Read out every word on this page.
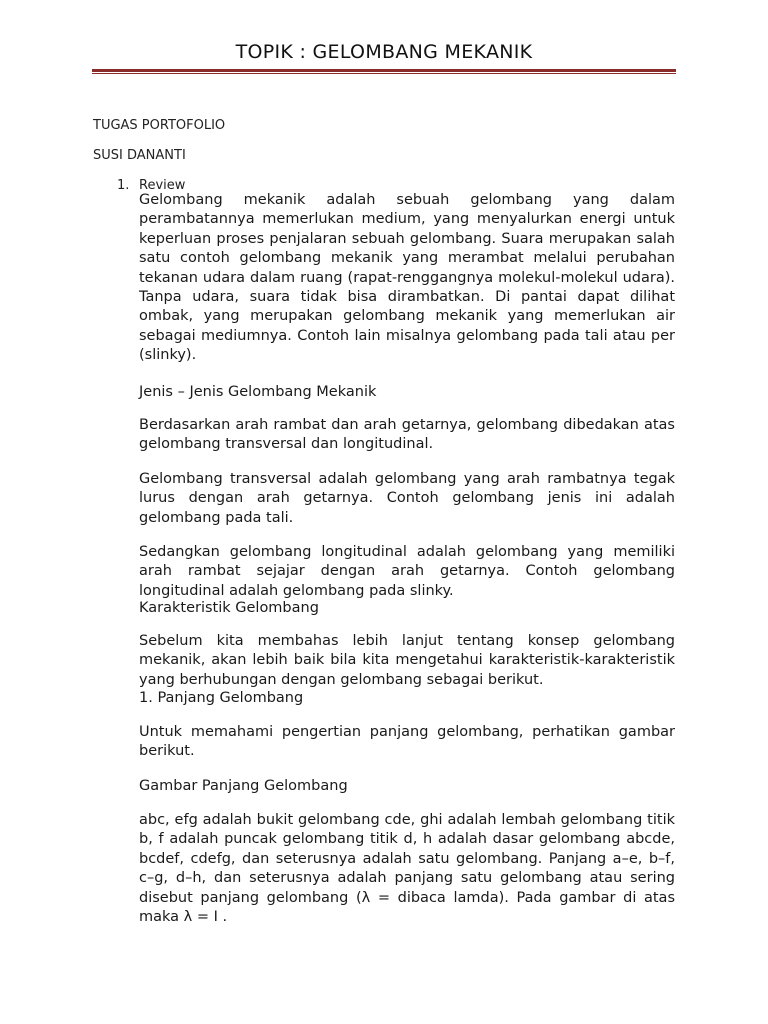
TOPIK : GELOMBANG MEKANIK
TUGAS PORTOFOLIO
SUSI DANANTI
1. Review
Gelombang mekanik adalah sebuah gelombang yang dalam perambatannya memerlukan medium, yang menyalurkan energi untuk keperluan proses penjalaran sebuah gelombang. Suara merupakan salah satu contoh gelombang mekanik yang merambat melalui perubahan tekanan udara dalam ruang (rapat-renggangnya molekul-molekul udara). Tanpa udara, suara tidak bisa dirambatkan. Di pantai dapat dilihat ombak, yang merupakan gelombang mekanik yang memerlukan air sebagai mediumnya. Contoh lain misalnya gelombang pada tali atau per (slinky).
Jenis – Jenis Gelombang Mekanik
Berdasarkan arah rambat dan arah getarnya, gelombang dibedakan atas gelombang transversal dan longitudinal.
Gelombang transversal adalah gelombang yang arah rambatnya tegak lurus dengan arah getarnya. Contoh gelombang jenis ini adalah gelombang pada tali.
Sedangkan gelombang longitudinal adalah gelombang yang memiliki arah rambat sejajar dengan arah getarnya. Contoh gelombang longitudinal adalah gelombang pada slinky.
Karakteristik Gelombang
Sebelum kita membahas lebih lanjut tentang konsep gelombang mekanik, akan lebih baik bila kita mengetahui karakteristik-karakteristik yang berhubungan dengan gelombang sebagai berikut.
1. Panjang Gelombang
Untuk memahami pengertian panjang gelombang, perhatikan gambar berikut.
Gambar Panjang Gelombang
abc, efg adalah bukit gelombang cde, ghi adalah lembah gelombang titik b, f adalah puncak gelombang titik d, h adalah dasar gelombang abcde, bcdef, cdefg, dan seterusnya adalah satu gelombang. Panjang a–e, b–f, c–g, d–h, dan seterusnya adalah panjang satu gelombang atau sering disebut panjang gelombang (λ = dibaca lamda). Pada gambar di atas maka λ = I .
